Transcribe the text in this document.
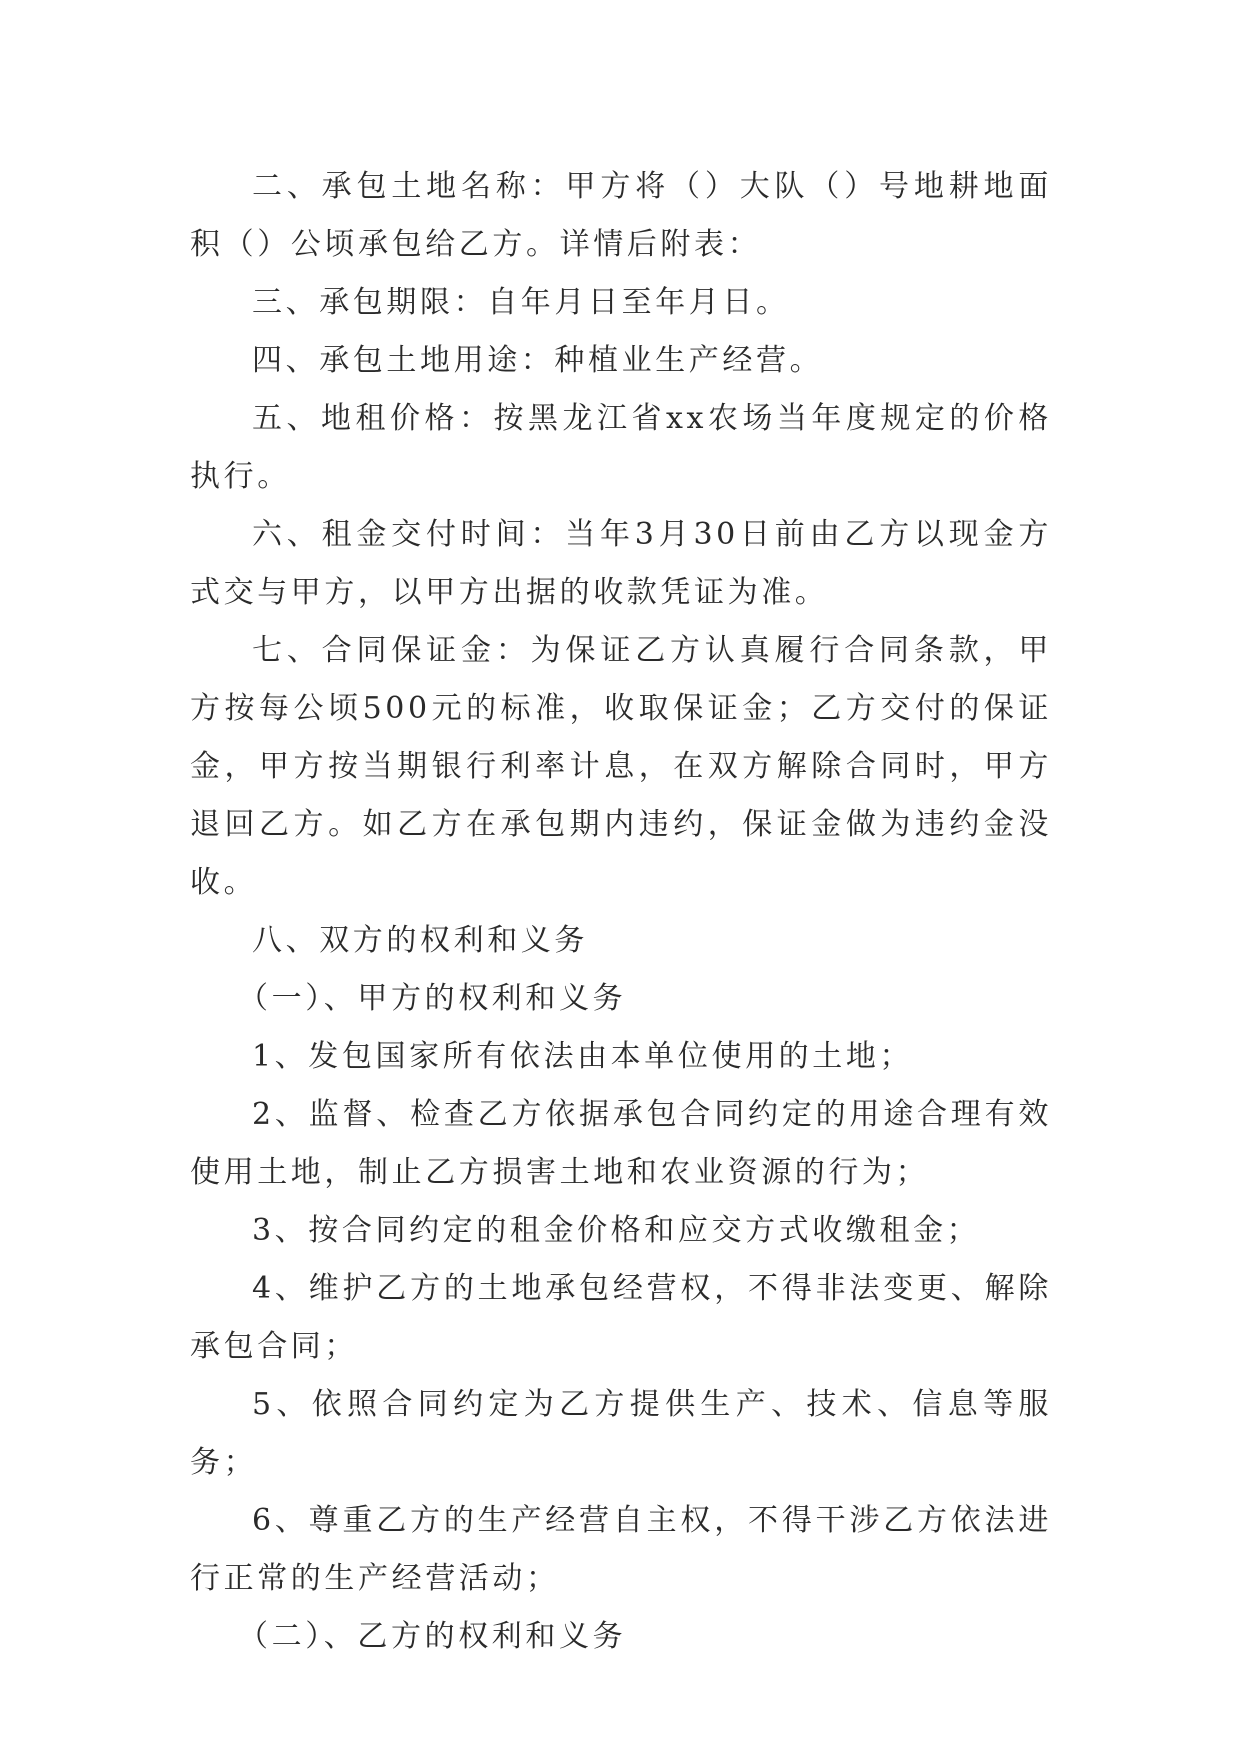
二、承包土地名称：甲方将（）大队（）号地耕地面积（）公顷承包给乙方。详情后附表：

三、承包期限：自年月日至年月日。

四、承包土地用途：种植业生产经营。

五、地租价格：按黑龙江省xx农场当年度规定的价格执行。

六、租金交付时间：当年3月30日前由乙方以现金方式交与甲方，以甲方出据的收款凭证为准。

七、合同保证金：为保证乙方认真履行合同条款，甲方按每公顷500元的标准，收取保证金；乙方交付的保证金，甲方按当期银行利率计息，在双方解除合同时，甲方退回乙方。如乙方在承包期内违约，保证金做为违约金没收。

八、双方的权利和义务

（一）、甲方的权利和义务

1、发包国家所有依法由本单位使用的土地；

2、监督、检查乙方依据承包合同约定的用途合理有效使用土地，制止乙方损害土地和农业资源的行为；

3、按合同约定的租金价格和应交方式收缴租金；

4、维护乙方的土地承包经营权，不得非法变更、解除承包合同；

5、依照合同约定为乙方提供生产、技术、信息等服务；

6、尊重乙方的生产经营自主权，不得干涉乙方依法进行正常的生产经营活动；

（二）、乙方的权利和义务
